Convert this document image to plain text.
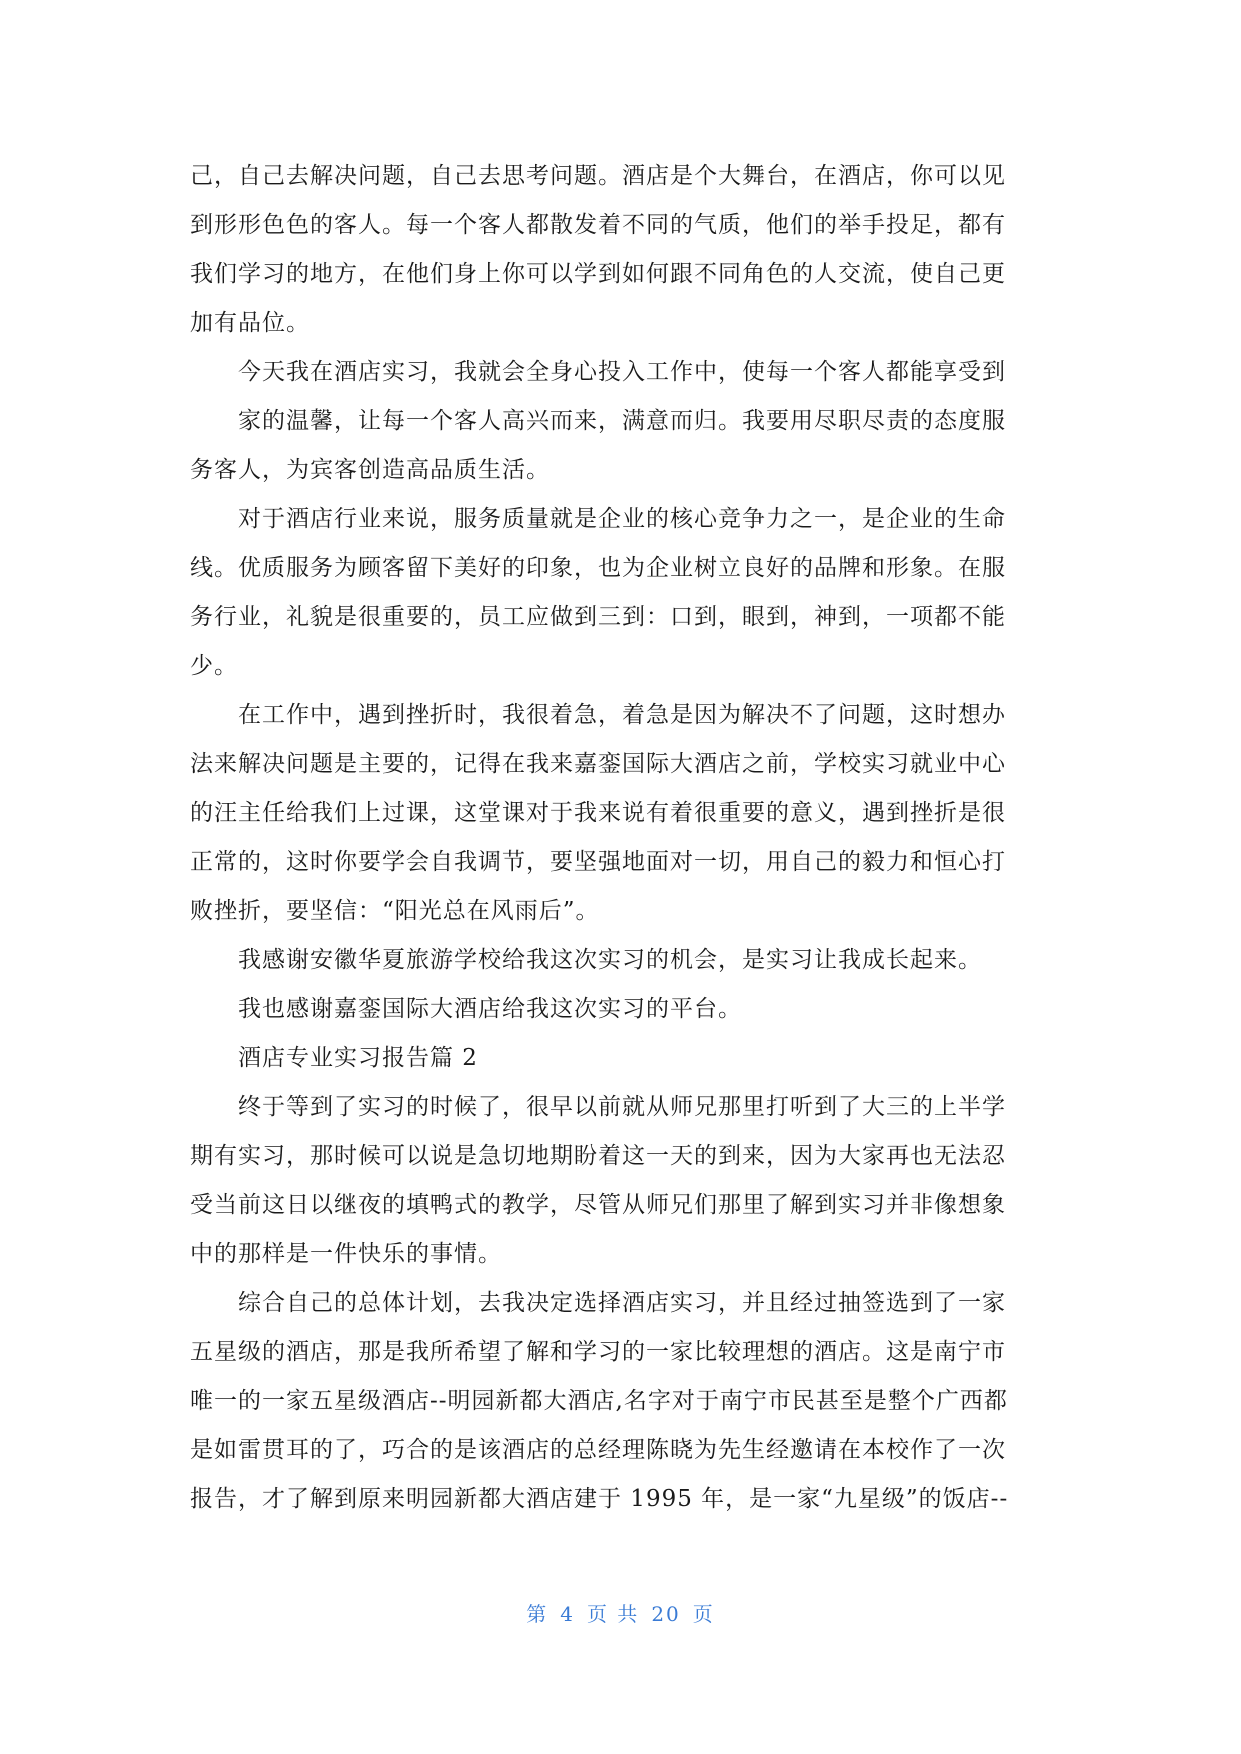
己，自己去解决问题，自己去思考问题。酒店是个大舞台，在酒店，你可以见
到形形色色的客人。每一个客人都散发着不同的气质，他们的举手投足，都有
我们学习的地方，在他们身上你可以学到如何跟不同角色的人交流，使自己更
加有品位。
今天我在酒店实习，我就会全身心投入工作中，使每一个客人都能享受到
家的温馨，让每一个客人高兴而来，满意而归。我要用尽职尽责的态度服
务客人，为宾客创造高品质生活。
对于酒店行业来说，服务质量就是企业的核心竞争力之一，是企业的生命
线。优质服务为顾客留下美好的印象，也为企业树立良好的品牌和形象。在服
务行业，礼貌是很重要的，员工应做到三到：口到，眼到，神到，一项都不能
少。
在工作中，遇到挫折时，我很着急，着急是因为解决不了问题，这时想办
法来解决问题是主要的，记得在我来嘉銮国际大酒店之前，学校实习就业中心
的汪主任给我们上过课，这堂课对于我来说有着很重要的意义，遇到挫折是很
正常的，这时你要学会自我调节，要坚强地面对一切，用自己的毅力和恒心打
败挫折，要坚信：“阳光总在风雨后”。
我感谢安徽华夏旅游学校给我这次实习的机会，是实习让我成长起来。
我也感谢嘉銮国际大酒店给我这次实习的平台。
酒店专业实习报告篇 2
终于等到了实习的时候了，很早以前就从师兄那里打听到了大三的上半学
期有实习，那时候可以说是急切地期盼着这一天的到来，因为大家再也无法忍
受当前这日以继夜的填鸭式的教学，尽管从师兄们那里了解到实习并非像想象
中的那样是一件快乐的事情。
综合自己的总体计划，去我决定选择酒店实习，并且经过抽签选到了一家
五星级的酒店，那是我所希望了解和学习的一家比较理想的酒店。这是南宁市
唯一的一家五星级酒店--明园新都大酒店,名字对于南宁市民甚至是整个广西都
是如雷贯耳的了，巧合的是该酒店的总经理陈晓为先生经邀请在本校作了一次
报告，才了解到原来明园新都大酒店建于 1995 年，是一家“九星级”的饭店--
第 4 页 共 20 页
